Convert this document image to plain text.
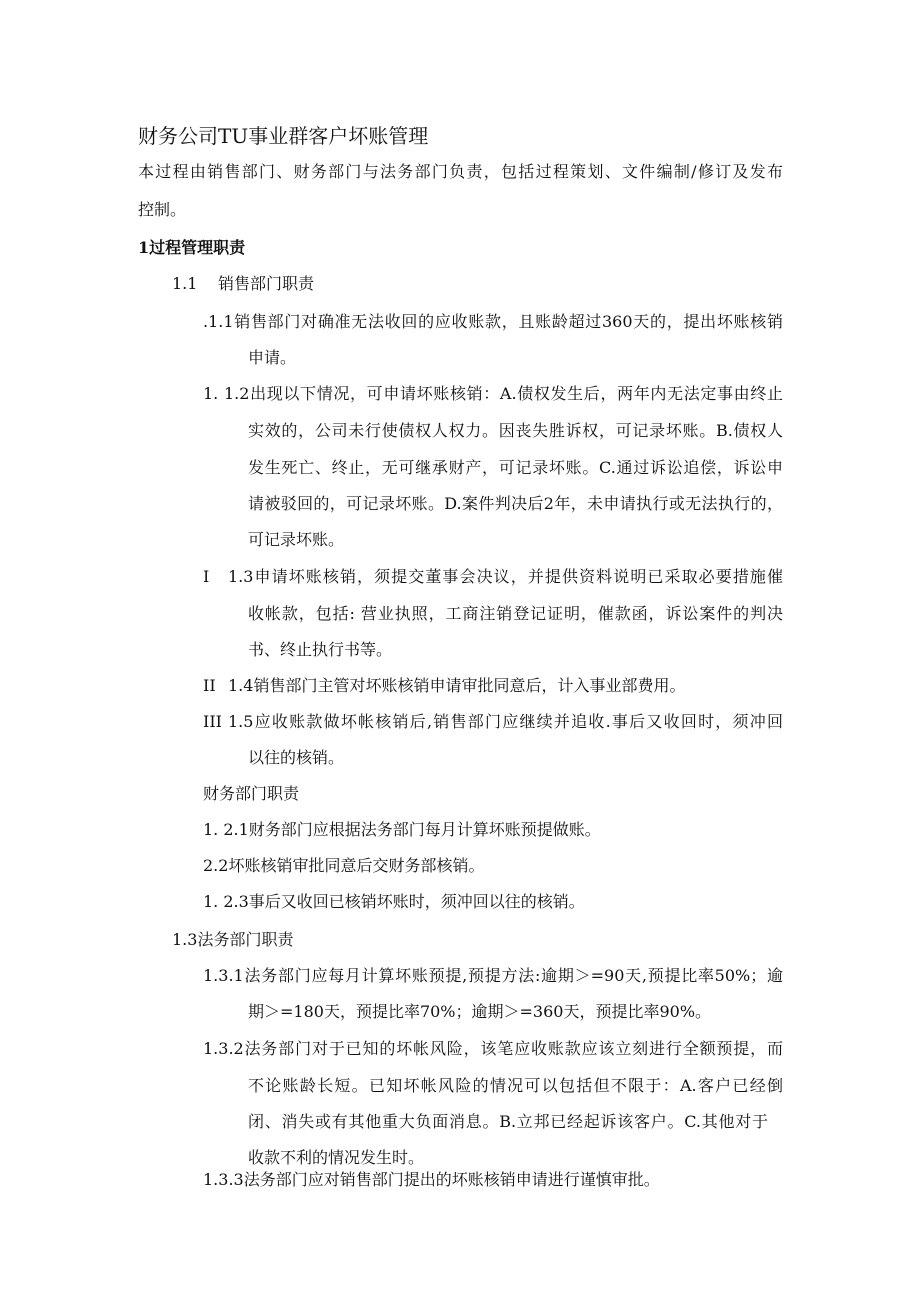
财务公司TU事业群客户坏账管理
本过程由销售部门、财务部门与法务部门负责，包括过程策划、文件编制/修订及发布
控制。
1过程管理职责
1.1 销售部门职责
.1.1销售部门对确准无法收回的应收账款，且账龄超过360天的，提出坏账核销
申请。
1. 1.2出现以下情况，可申请坏账核销：A.债权发生后，两年内无法定事由终止
实效的，公司未行使债权人权力。因丧失胜诉权，可记录坏账。B.债权人
发生死亡、终止，无可继承财产，可记录坏账。C.通过诉讼追偿，诉讼申
请被驳回的，可记录坏账。D.案件判决后2年，未申请执行或无法执行的，
可记录坏账。
I 1.3申请坏账核销，须提交董事会决议，并提供资料说明已采取必要措施催
收帐款，包括: 营业执照，工商注销登记证明，催款函，诉讼案件的判决
书、终止执行书等。
II 1.4销售部门主管对坏账核销申请审批同意后，计入事业部费用。
III 1.5应收账款做坏帐核销后,销售部门应继续并追收.事后又收回时，须冲回
以往的核销。
财务部门职责
1. 2.1财务部门应根据法务部门每月计算坏账预提做账。
2.2坏账核销审批同意后交财务部核销。
1. 2.3事后又收回已核销坏账时，须冲回以往的核销。
1.3法务部门职责
1.3.1法务部门应每月计算坏账预提,预提方法:逾期＞=90天,预提比率50%；逾
期＞=180天，预提比率70%；逾期＞=360天，预提比率90%。
1.3.2法务部门对于已知的坏帐风险，该笔应收账款应该立刻进行全额预提，而
不论账龄长短。已知坏帐风险的情况可以包括但不限于：A.客户已经倒
闭、消失或有其他重大负面消息。B.立邦已经起诉该客户。C.其他对于
收款不利的情况发生时。
1.3.3法务部门应对销售部门提出的坏账核销申请进行谨慎审批。
